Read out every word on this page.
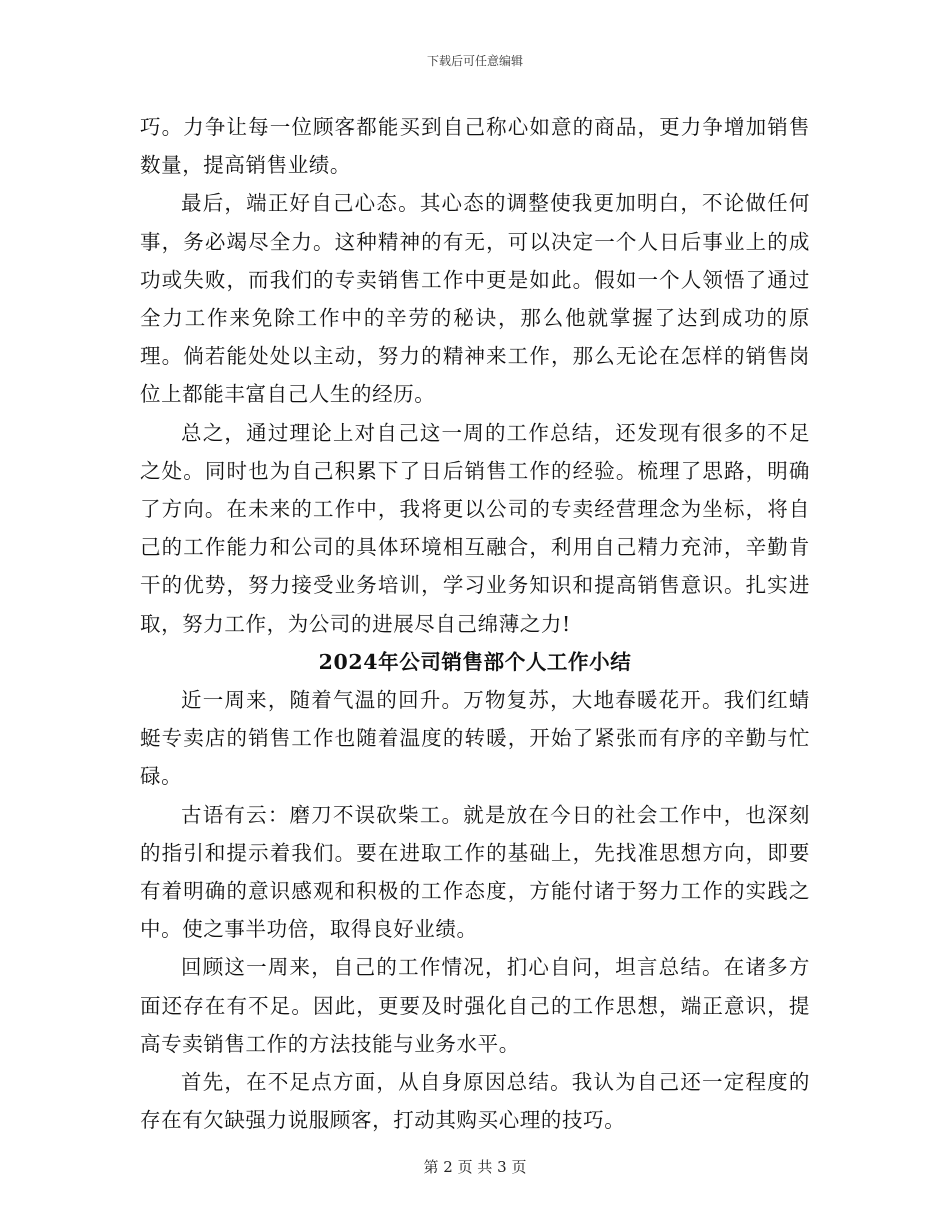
下载后可任意编辑

巧。力争让每一位顾客都能买到自己称心如意的商品，更力争增加销售数量，提高销售业绩。

最后，端正好自己心态。其心态的调整使我更加明白，不论做任何事，务必竭尽全力。这种精神的有无，可以决定一个人日后事业上的成功或失败，而我们的专卖销售工作中更是如此。假如一个人领悟了通过全力工作来免除工作中的辛劳的秘诀，那么他就掌握了达到成功的原理。倘若能处处以主动，努力的精神来工作，那么无论在怎样的销售岗位上都能丰富自己人生的经历。

总之，通过理论上对自己这一周的工作总结，还发现有很多的不足之处。同时也为自己积累下了日后销售工作的经验。梳理了思路，明确了方向。在未来的工作中，我将更以公司的专卖经营理念为坐标，将自己的工作能力和公司的具体环境相互融合，利用自己精力充沛，辛勤肯干的优势，努力接受业务培训，学习业务知识和提高销售意识。扎实进取，努力工作，为公司的进展尽自己绵薄之力!

2024年公司销售部个人工作小结

近一周来，随着气温的回升。万物复苏，大地春暖花开。我们红蜻蜓专卖店的销售工作也随着温度的转暖，开始了紧张而有序的辛勤与忙碌。

古语有云：磨刀不误砍柴工。就是放在今日的社会工作中，也深刻的指引和提示着我们。要在进取工作的基础上，先找准思想方向，即要有着明确的意识感观和积极的工作态度，方能付诸于努力工作的实践之中。使之事半功倍，取得良好业绩。

回顾这一周来，自己的工作情况，扪心自问，坦言总结。在诸多方面还存在有不足。因此，更要及时强化自己的工作思想，端正意识，提高专卖销售工作的方法技能与业务水平。

首先，在不足点方面，从自身原因总结。我认为自己还一定程度的存在有欠缺强力说服顾客，打动其购买心理的技巧。

第 2 页 共 3 页
